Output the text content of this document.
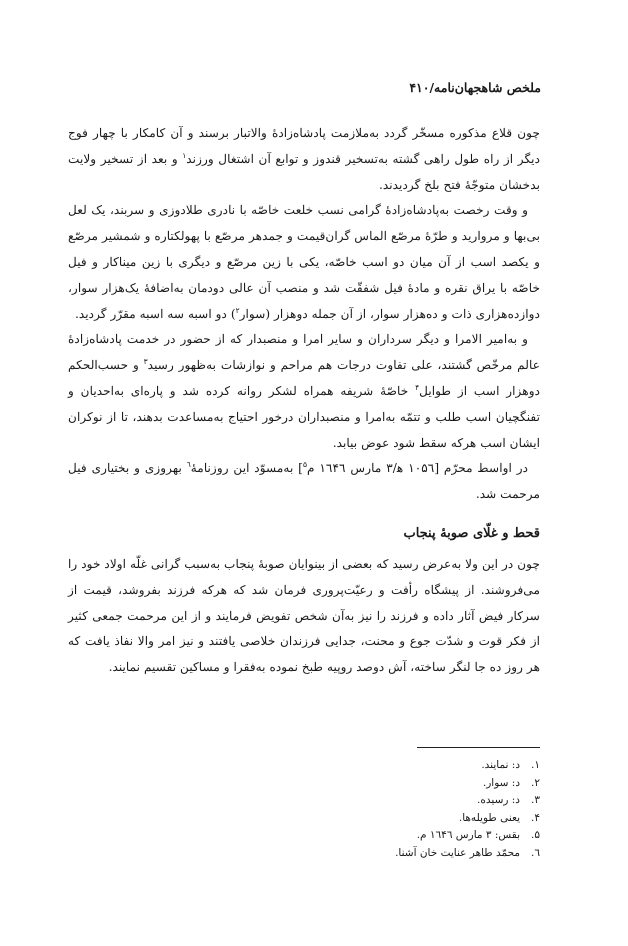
ملخص شاهجهان‌نامه/۴۱۰

چون قلاع مذکوره مسخّر گردد به‌ملازمت پادشاه‌زادهٔ والاتبار برسند و آن کامکار با چهار فوج دیگر از راه طول راهی گشته به‌تسخیر قندوز و توابع آن اشتغال ورزند$^۱$ و بعد از تسخیر ولایت بدخشان متوجّهٔ فتح بلخ گردیدند.

و وقت رخصت به‌پادشاه‌زادهٔ گرامی نسب خلعت خاصّه با نادری طلادوزی و سربند، یک لعل بی‌بها و مروارید و طرّهٔ مرصّع الماس گران‌قیمت و جمدهر مرصّع با پهولکتاره و شمشیر مرصّع و یکصد اسب از آن میان دو اسب خاصّه، یکی با زین مرصّع و دیگری با زین میناکار و فیل خاصّه با یراق نقره و مادهٔ فیل شفقّت شد و منصب آن عالی دودمان به‌اضافهٔ یک‌هزار سوار، دوازده‌هزاری ذات و ده‌هزار سوار، از آن جمله دوهزار (سوار$^۲$) دو اسبه سه اسبه مقرّر گردید.

و به‌امیر الامرا و دیگر سرداران و سایر امرا و منصبدار که از حضور در خدمت پادشاه‌زادهٔ عالم مرخّص گشتند، علی تفاوت درجات هم مراحم و نوازشات به‌ظهور رسید$^۳$ و حسب‌الحکم دوهزار اسب از طوایل$^۴$ خاصّهٔ شریفه همراه لشکر روانه کرده شد و پاره‌ای به‌احدیان و تفنگچیان اسب طلب و تتمّه به‌امرا و منصبداران درخور احتیاج به‌مساعدت بدهند، تا از نوکران ایشان اسب هرکه سقط شود عوض بیابد.

در اواسط محرّم [۱۰۵٦ ه‍/۳ مارس ۱٦۴٦ م$^۵$] به‌مسوّد این روزنامهٔ$^٦$ بهروزی و بختیاری فیل مرحمت شد.

قحط و غلّای صوبهٔ پنجاب

چون در این ولا به‌عرض رسید که بعضی از بینوایان صوبهٔ پنجاب به‌سبب گرانی غلّه اولاد خود را می‌فروشند. از پیشگاه رأفت و رعیّت‌پروری فرمان شد که هرکه فرزند بفروشد، قیمت از سرکار فیض آثار داده و فرزند را نیز به‌آن شخص تفویض فرمایند و از این مرحمت جمعی کثیر از فکر قوت و شدّت جوع و محنت، جدایی فرزندان خلاصی یافتند و نیز امر والا نفاذ یافت که هر روز ده جا لنگر ساخته، آش دوصد روپیه طبخ نموده به‌فقرا و مساکین تقسیم نمایند.

۱.
د: نمایند.
۲.
د: سوار.
۳.
د: رسیده.
۴.
یعنی طویله‌ها.
۵.
بقس: ۳ مارس ۱٦۴٦ م.
٦.
محمّد طاهر عنایت خان آشنا.
